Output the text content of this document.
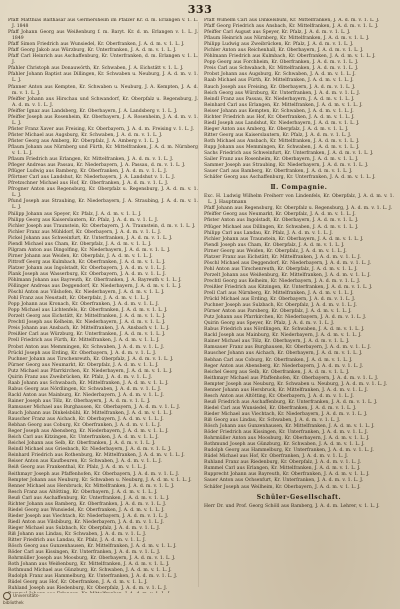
333

Pfaff Matthias Balthasar aus Germersheim im Pfälzer Kr. d. m. Erlangen v. 1. L. J. 1848

Pfaff Johann Georg aus Weißenburg f. m. Baryt. Kr. d. m. Erlangen v. 1. L. J. 1849

Pfaff Simon Friedrich aus Wunsiedel, Kr. Oberfranken, J. A. d. m. v. 1. L. J.

Pfaff Georg Jakob aus Würzburg, Kr. Unterfranken, J. A. d. m. v. 1. L. J.

Pfaff Carl Heinrich aus Aschaffenburg, Kr. Unterfranken, d. m. Erlangen v. 1. L. J.

Pfahler Christoph aus Donauwörth, Kr. Schwaben, J. A. Eichstätt v. 1. L. J.

Pfahler Johann Baptist aus Dillingen, Kr. Schwaben u. Neuburg, J. A. d. m. v. 1. L. J.

Pfanner Anton aus Kempten, Kr. Schwaben u. Neuburg, J. A. Kempten, J. A. d. m. v. 1. L. J.

Pfeiffer Johann aus Hirschau und Schwandorf, Kr. Oberpfalz u. Regensburg, J. A. d. m. v. 1. L. J.

Pfeiffer Ignaz aus Landsberg, Kr. Oberbayern, J. A. Landsberg v. 1. L. J.

Pfeiffer Joseph aus Rosenheim, Kr. Oberbayern, J. A. Rosenheim, J. A. d. m. v. 1. L. J.

Pfister Franz Xaver aus Freising, Kr. Oberbayern, J. A. d. m. Freising v. 1. L. J.

Pfister Michael aus Augsburg, Kr. Schwaben, J. A. d. m. v. 1. L. J.

Pfister Georg aus Amberg, Kr. Oberpfalz, J. A. Amberg v. 1. L. J.

Pflaum Johann aus Nürnberg und Fürth, Kr. Mittelfranken, J. A. d. m. Nürnberg v. 1. L. J.

Pflaum Friedrich aus Erlangen, Kr. Mittelfranken, J. A. d. m. v. 1. L. J.

Pfleger Andreas aus Passau, Kr. Niederbayern, J. A. Passau, d. m. v. 1. L. J.

Pflüger Ludwig aus Bamberg, Kr. Oberfranken, J. A. d. m. v. 1. L. J.

Pförtner Carl aus Landshut, Kr. Niederbayern, J. A. Landshut v. 1. L. J.

Pfretzschner Michael aus Hof, Kr. Oberfranken, J. A. d. m. v. 1. L. J.

Pfrogner Anton aus Regensburg, Kr. Oberpfalz u. Regensburg, J. A. d. m. v. 1. L. J.

Pfund Joseph aus Straubing, Kr. Niederbayern, J. A. Straubing, J. A. d. m. v. 1. L. J.

Philipp Johann aus Speyer, Kr. Pfalz, J. A. d. m. v. 1. L. J.

Philipp Georg aus Kaiserslautern, Kr. Pfalz, J. A. d. m. v. 1. L. J.

Pichler Joseph aus Traunstein, Kr. Oberbayern, J. A. Traunstein, d. m. v. 1. L. J.

Pichler Franz aus Mühldorf, Kr. Oberbayern, J. A. d. m. v. 1. L. J.

Pickel Johann aus Schweinfurt, Kr. Unterfranken, J. A. d. m. v. 1. L. J.

Piendl Michael aus Cham, Kr. Oberpfalz, J. A. d. m. v. 1. L. J.

Pilgram Anton aus Dingolfing, Kr. Niederbayern, J. A. d. m. v. 1. L. J.

Pirner Johann aus Weiden, Kr. Oberpfalz, J. A. d. m. v. 1. L. J.

Pittroff Georg aus Kulmbach, Kr. Oberfranken, J. A. d. m. v. 1. L. J.

Platzer Johann aus Ingolstadt, Kr. Oberbayern, J. A. d. m. v. 1. L. J.

Plank Joseph aus Wasserburg, Kr. Oberbayern, J. A. d. m. v. 1. L. J.

Pöhlmann Johann aus Bayreuth, Kr. Oberfranken, J. A. Bayreuth v. 1. L. J.

Pöllinger Andreas aus Deggendorf, Kr. Niederbayern, J. A. d. m. v. 1. L. J.

Pöschl Anton aus Vilshofen, Kr. Niederbayern, J. A. d. m. v. 1. L. J.

Pohl Franz aus Neustadt, Kr. Oberpfalz, J. A. d. m. v. 1. L. J.

Popp Johann aus Kronach, Kr. Oberfranken, J. A. d. m. v. 1. L. J.

Popp Michael aus Lichtenfels, Kr. Oberfranken, J. A. d. m. v. 1. L. J.

Porzelt Georg aus Eichstätt, Kr. Mittelfranken, J. A. d. m. v. 1. L. J.

Prechtl Joseph aus Kelheim, Kr. Niederbayern, J. A. d. m. v. 1. L. J.

Preis Johann aus Ansbach, Kr. Mittelfranken, J. A. Ansbach v. 1. L. J.

Preißler Carl aus Würzburg, Kr. Unterfranken, J. A. d. m. v. 1. L. J.

Prell Friedrich aus Fürth, Kr. Mittelfranken, J. A. d. m. v. 1. L. J.

Probst Anton aus Memmingen, Kr. Schwaben, J. A. d. m. v. 1. L. J.

Prückl Joseph aus Erding, Kr. Oberbayern, J. A. d. m. v. 1. L. J.

Puchner Johann aus Tirschenreuth, Kr. Oberpfalz, J. A. d. m. v. 1. L. J.

Pürner Georg aus Neumarkt, Kr. Oberpfalz, J. A. d. m. v. 1. L. J.

Putz Michael aus Pfarrkirchen, Kr. Niederbayern, J. A. d. m. v. 1. L. J.

Quirin Franz aus Zweibrücken, Kr. Pfalz, J. A. d. m. v. 1. L. J.

Raab Johann aus Schwabach, Kr. Mittelfranken, J. A. d. m. v. 1. L. J.

Rabus Georg aus Nördlingen, Kr. Schwaben, J. A. d. m. v. 1. L. J.

Rackl Anton aus Mainburg, Kr. Niederbayern, J. A. d. m. v. 1. L. J.

Rainer Joseph aus Tölz, Kr. Oberbayern, J. A. d. m. v. 1. L. J.

Ramsauer Michael aus Burghausen, Kr. Oberbayern, J. A. d. m. v. 1. L. J.

Rauch Johann aus Dinkelsbühl, Kr. Mittelfranken, J. A. d. m. v. 1. L. J.

Rauscher Franz aus Aichach, Kr. Oberbayern, J. A. d. m. v. 1. L. J.

Rebhan Georg aus Coburg, Kr. Oberfranken, J. A. d. m. v. 1. L. J.

Reger Joseph aus Abensberg, Kr. Niederbayern, J. A. d. m. v. 1. L. J.

Reich Carl aus Kitzingen, Kr. Unterfranken, J. A. d. m. v. 1. L. J.

Reichel Johann aus Selb, Kr. Oberfranken, J. A. d. m. v. 1. L. J.

Reindl Michael aus Griesbach, Kr. Niederbayern, J. A. d. m. v. 1. L. J.

Reinhard Friedrich aus Rothenburg, Kr. Mittelfranken, J. A. d. m. v. 1. L. J.

Reiser Anton aus Kaufbeuren, Kr. Schwaben, J. A. d. m. v. 1. L. J.

Reiß Georg aus Frankenthal, Kr. Pfalz, J. A. d. m. v. 1. L. J.

Reithmayr Joseph aus Pfaffenhofen, Kr. Oberbayern, J. A. d. m. v. 1. L. J.

Rempter Johann aus Neuburg, Kr. Schwaben u. Neuburg, J. A. d. m. v. 1. L. J.

Renner Michael aus Hersbruck, Kr. Mittelfranken, J. A. d. m. v. 1. L. J.

Resch Franz aus Altötting, Kr. Oberbayern, J. A. d. m. v. 1. L. J.

Reuß Carl aus Aschaffenburg, Kr. Unterfranken, J. A. d. m. v. 1. L. J.

Richter Johann aus Bamberg, Kr. Oberfranken, J. A. d. m. v. 1. L. J.

Riedel Georg aus Wunsiedel, Kr. Oberfranken, J. A. d. m. v. 1. L. J.

Rieder Joseph aus Viechtach, Kr. Niederbayern, J. A. d. m. v. 1. L. J.

Riedl Anton aus Vilsbiburg, Kr. Niederbayern, J. A. d. m. v. 1. L. J.

Rieger Michael aus Sulzbach, Kr. Oberpfalz, J. A. d. m. v. 1. L. J.

Riß Johann aus Lindau, Kr. Schwaben, J. A. d. m. v. 1. L. J.

Ritter Friedrich aus Landau, Kr. Pfalz, J. A. d. m. v. 1. L. J.

Rösch Georg aus Gunzenhausen, Kr. Mittelfranken, J. A. d. m. v. 1. L. J.

Röder Carl aus Kissingen, Kr. Unterfranken, J. A. d. m. v. 1. L. J.

Rohrmüller Joseph aus Moosburg, Kr. Oberbayern, J. A. d. m. v. 1. L. J.

Roth Johann aus Weißenburg, Kr. Mittelfranken, J. A. d. m. v. 1. L. J.

Rothmund Michael aus Günzburg, Kr. Schwaben, J. A. d. m. v. 1. L. J.

Rudolph Franz aus Hammelburg, Kr. Unterfranken, J. A. d. m. v. 1. L. J.

Rüdel Georg aus Hof, Kr. Oberfranken, J. A. d. m. v. 1. L. J.

Ruhland Joseph aus Riedenburg, Kr. Oberpfalz, J. A. d. m. v. 1. L. J.

Pfaff Wilhelm Carl aus Dinkelsbühl, Kr. Mittelfranken, J. A. d. m. v. 1. L. J.

Pfaff Georg Friedrich aus Ansbach, Kr. Mittelfranken, J. A. d. m. v. 1. L. J.

Pfeiffer Carl August aus Speyer, Kr. Pfalz, J. A. d. m. v. 1. L. J.

Pflaum Heinrich aus Nürnberg, Kr. Mittelfranken, J. A. d. m. v. 1. L. J.

Philipp Ludwig aus Zweibrücken, Kr. Pfalz, J. A. d. m. v. 1. L. J.

Pichler Anton aus Reichenhall, Kr. Oberbayern, J. A. d. m. v. 1. L. J.

Pöhlmann Friedrich aus Kulmbach, Kr. Oberfranken, J. A. d. m. v. 1. L. J.

Popp Georg aus Forchheim, Kr. Oberfranken, J. A. d. m. v. 1. L. J.

Preis Carl aus Schwabach, Kr. Mittelfranken, J. A. d. m. v. 1. L. J.

Probst Johann aus Augsburg, Kr. Schwaben, J. A. d. m. v. 1. L. J.

Raab Michael aus Fürth, Kr. Mittelfranken, J. A. d. m. v. 1. L. J.

Rauch Joseph aus Freising, Kr. Oberbayern, J. A. d. m. v. 1. L. J.

Reich Georg aus Würzburg, Kr. Unterfranken, J. A. d. m. v. 1. L. J.

Reindl Franz aus Passau, Kr. Niederbayern, J. A. d. m. v. 1. L. J.

Reinhard Carl aus Erlangen, Kr. Mittelfranken, J. A. d. m. v. 1. L. J.

Reiser Johann aus Kempten, Kr. Schwaben, J. A. d. m. v. 1. L. J.

Richter Friedrich aus Hof, Kr. Oberfranken, J. A. d. m. v. 1. L. J.

Riedl Joseph aus Landshut, Kr. Niederbayern, J. A. d. m. v. 1. L. J.

Rieger Anton aus Amberg, Kr. Oberpfalz, J. A. d. m. v. 1. L. J.

Ritter Georg aus Kaiserslautern, Kr. Pfalz, J. A. d. m. v. 1. L. J.

Roth Michael aus Ansbach, Kr. Mittelfranken, J. A. d. m. v. 1. L. J.

Rupp Johann aus Memmingen, Kr. Schwaben, J. A. d. m. v. 1. L. J.

Sachs Friedrich aus Schweinfurt, Kr. Unterfranken, J. A. d. m. v. 1. L. J.

Sailer Franz aus Rosenheim, Kr. Oberbayern, J. A. d. m. v. 1. L. J.

Sammer Joseph aus Straubing, Kr. Niederbayern, J. A. d. m. v. 1. L. J.

Sauer Carl aus Bamberg, Kr. Oberfranken, J. A. d. m. v. 1. L. J.

Schäfer Georg aus Aschaffenburg, Kr. Unterfranken, J. A. d. m. v. 1. L. J.

Ⅱ. Compagnie.

Exc. H. Ludwig Wilhelm Freiherr von Lindenfels, Kr. Oberpfalz, J. A. d. m. v. 1. L. J. Hauptmann

Pfaff Johann aus Regensburg, Kr. Oberpfalz u. Regensburg, J. A. d. m. v. 1. L. J.

Pfeiffer Georg aus Neumarkt, Kr. Oberpfalz, J. A. d. m. v. 1. L. J.

Pfister Anton aus Ingolstadt, Kr. Oberbayern, J. A. d. m. v. 1. L. J.

Pflüger Michael aus Dillingen, Kr. Schwaben, J. A. d. m. v. 1. L. J.

Philipp Carl aus Landau, Kr. Pfalz, J. A. d. m. v. 1. L. J.

Pichler Johann aus Traunstein, Kr. Oberbayern, J. A. d. m. v. 1. L. J.

Piendl Joseph aus Cham, Kr. Oberpfalz, J. A. d. m. v. 1. L. J.

Pirner Georg aus Weiden, Kr. Oberpfalz, J. A. d. m. v. 1. L. J.

Platzer Franz aus Eichstätt, Kr. Mittelfranken, J. A. d. m. v. 1. L. J.

Pöschl Michael aus Deggendorf, Kr. Niederbayern, J. A. d. m. v. 1. L. J.

Pohl Anton aus Tirschenreuth, Kr. Oberpfalz, J. A. d. m. v. 1. L. J.

Porzelt Johann aus Weißenburg, Kr. Mittelfranken, J. A. d. m. v. 1. L. J.

Prechtl Georg aus Kelheim, Kr. Niederbayern, J. A. d. m. v. 1. L. J.

Preißler Friedrich aus Kitzingen, Kr. Unterfranken, J. A. d. m. v. 1. L. J.

Prell Carl aus Nürnberg, Kr. Mittelfranken, J. A. d. m. v. 1. L. J.

Prückl Michael aus Erding, Kr. Oberbayern, J. A. d. m. v. 1. L. J.

Puchner Joseph aus Sulzbach, Kr. Oberpfalz, J. A. d. m. v. 1. L. J.

Pürner Anton aus Parsberg, Kr. Oberpfalz, J. A. d. m. v. 1. L. J.

Putz Johann aus Pfarrkirchen, Kr. Niederbayern, J. A. d. m. v. 1. L. J.

Quirin Georg aus Speyer, Kr. Pfalz, J. A. d. m. v. 1. L. J.

Rabus Friedrich aus Nördlingen, Kr. Schwaben, J. A. d. m. v. 1. L. J.

Rackl Joseph aus Mainburg, Kr. Niederbayern, J. A. d. m. v. 1. L. J.

Rainer Michael aus Tölz, Kr. Oberbayern, J. A. d. m. v. 1. L. J.

Ramsauer Franz aus Burghausen, Kr. Oberbayern, J. A. d. m. v. 1. L. J.

Rauscher Johann aus Aichach, Kr. Oberbayern, J. A. d. m. v. 1. L. J.

Rebhan Carl aus Coburg, Kr. Oberfranken, J. A. d. m. v. 1. L. J.

Reger Anton aus Abensberg, Kr. Niederbayern, J. A. d. m. v. 1. L. J.

Reichel Georg aus Selb, Kr. Oberfranken, J. A. d. m. v. 1. L. J.

Reithmayr Michael aus Pfaffenhofen, Kr. Oberbayern, J. A. d. m. v. 1. L. J.

Rempter Joseph aus Neuburg, Kr. Schwaben u. Neuburg, J. A. d. m. v. 1. L. J.

Renner Johann aus Hersbruck, Kr. Mittelfranken, J. A. d. m. v. 1. L. J.

Resch Anton aus Altötting, Kr. Oberbayern, J. A. d. m. v. 1. L. J.

Reuß Friedrich aus Aschaffenburg, Kr. Unterfranken, J. A. d. m. v. 1. L. J.

Riedel Carl aus Wunsiedel, Kr. Oberfranken, J. A. d. m. v. 1. L. J.

Rieder Michael aus Viechtach, Kr. Niederbayern, J. A. d. m. v. 1. L. J.

Riß Georg aus Lindau, Kr. Schwaben, J. A. d. m. v. 1. L. J.

Rösch Johann aus Gunzenhausen, Kr. Mittelfranken, J. A. d. m. v. 1. L. J.

Röder Friedrich aus Kissingen, Kr. Unterfranken, J. A. d. m. v. 1. L. J.

Rohrmüller Anton aus Moosburg, Kr. Oberbayern, J. A. d. m. v. 1. L. J.

Rothmund Joseph aus Günzburg, Kr. Schwaben, J. A. d. m. v. 1. L. J.

Rudolph Georg aus Hammelburg, Kr. Unterfranken, J. A. d. m. v. 1. L. J.

Rüdel Michael aus Hof, Kr. Oberfranken, J. A. d. m. v. 1. L. J.

Ruhland Franz aus Riedenburg, Kr. Oberpfalz, J. A. d. m. v. 1. L. J.

Rummel Carl aus Erlangen, Kr. Mittelfranken, J. A. d. m. v. 1. L. J.

Rupprecht Johann aus Bayreuth, Kr. Oberfranken, J. A. d. m. v. 1. L. J.

Sauer Anton aus Ochsenfurt, Kr. Unterfranken, J. A. d. m. v. 1. L. J.

Schäfer Joseph aus Weilheim, Kr. Oberbayern, J. A. d. m. v. 1. L. J.

Schüler-Gesellschaft.

Herr Dr. und Prof. Georg Schöll aus Bamberg, J. A. d. m. Lehrer, v. 1. L. J.

Universitäts-
bibliothek
